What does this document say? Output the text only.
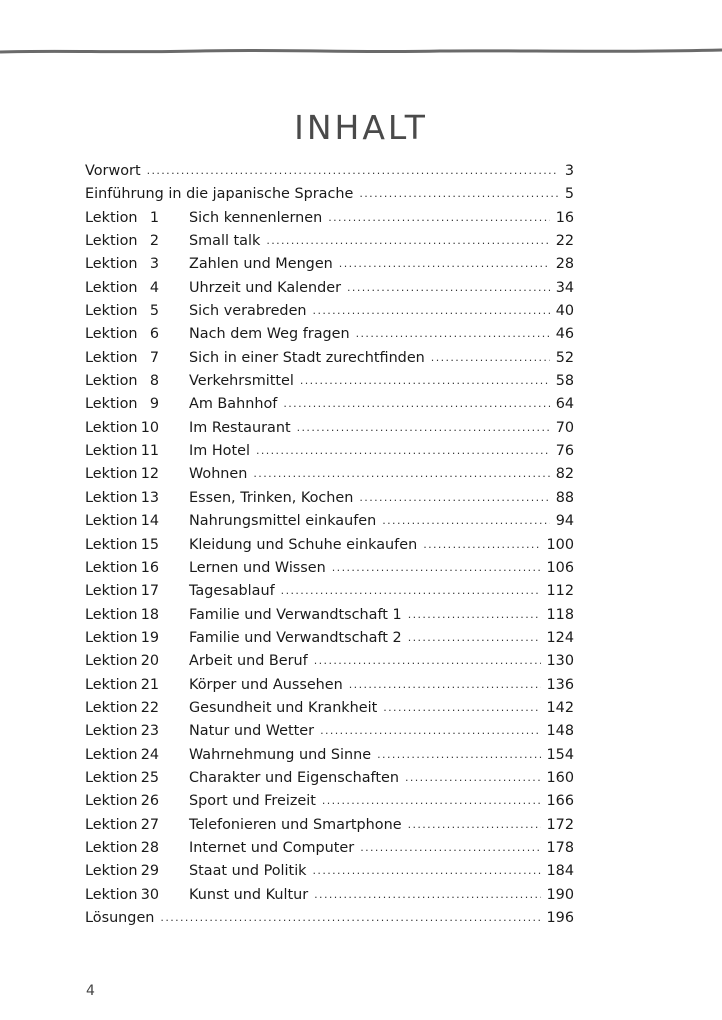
INHALT
Vorwort .....	3
Einführung in die japanische Sprache .....	5
Lektion 1 Sich kennenlernen .....	16
Lektion 2 Small talk .....	22
Lektion 3 Zahlen und Mengen .....	28
Lektion 4 Uhrzeit und Kalender .....	34
Lektion 5 Sich verabreden .....	40
Lektion 6 Nach dem Weg fragen .....	46
Lektion 7 Sich in einer Stadt zurechtfinden .....	52
Lektion 8 Verkehrsmittel .....	58
Lektion 9 Am Bahnhof .....	64
Lektion 10 Im Restaurant .....	70
Lektion 11 Im Hotel .....	76
Lektion 12 Wohnen .....	82
Lektion 13 Essen, Trinken, Kochen .....	88
Lektion 14 Nahrungsmittel einkaufen .....	94
Lektion 15 Kleidung und Schuhe einkaufen .....	100
Lektion 16 Lernen und Wissen .....	106
Lektion 17 Tagesablauf .....	112
Lektion 18 Familie und Verwandtschaft 1 .....	118
Lektion 19 Familie und Verwandtschaft 2 .....	124
Lektion 20 Arbeit und Beruf .....	130
Lektion 21 Körper und Aussehen .....	136
Lektion 22 Gesundheit und Krankheit .....	142
Lektion 23 Natur und Wetter .....	148
Lektion 24 Wahrnehmung und Sinne .....	154
Lektion 25 Charakter und Eigenschaften .....	160
Lektion 26 Sport und Freizeit .....	166
Lektion 27 Telefonieren und Smartphone .....	172
Lektion 28 Internet und Computer .....	178
Lektion 29 Staat und Politik .....	184
Lektion 30 Kunst und Kultur .....	190
Lösungen .....	196
4
